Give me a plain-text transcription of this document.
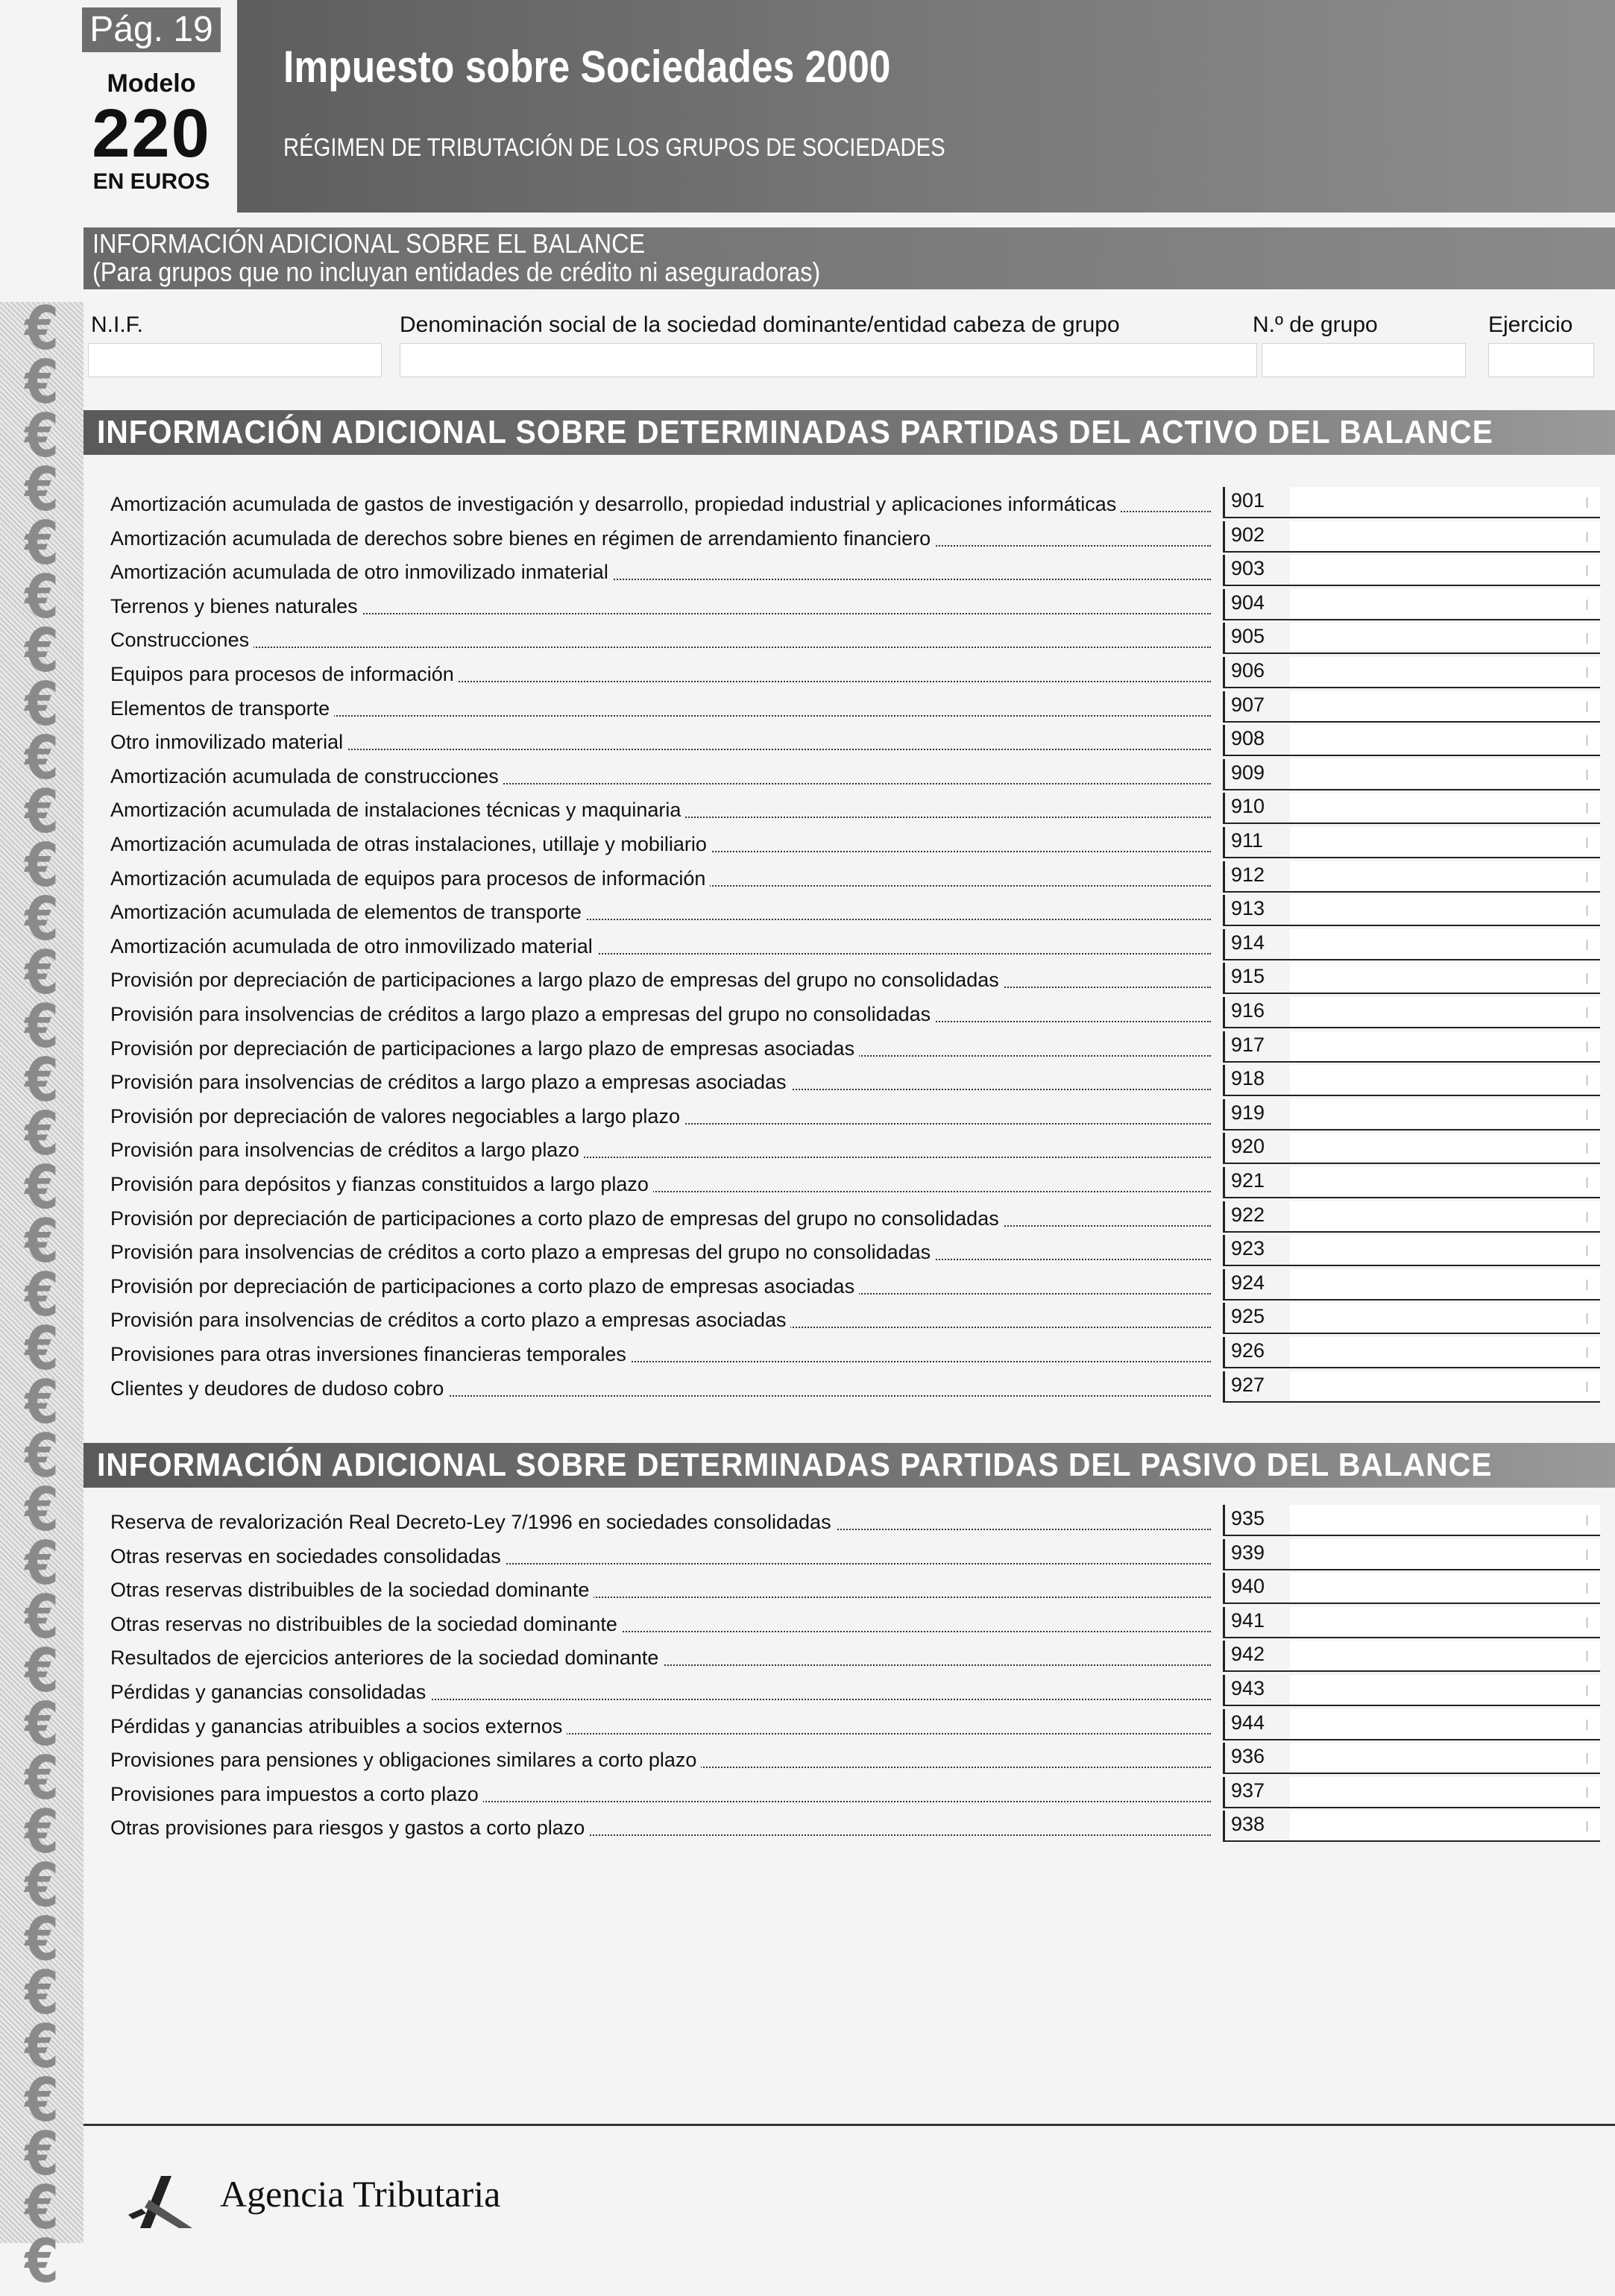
€
€
€
€
€
€
€
€
€
€
€
€
€
€
€
€
€
€
€
€
€
€
€
€
€
€
€
€
€
€
€
€
€
€
€
€
€
Pág. 19
Modelo
220
EN EUROS
Impuesto sobre Sociedades 2000
RÉGIMEN DE TRIBUTACIÓN DE LOS GRUPOS DE SOCIEDADES
INFORMACIÓN ADICIONAL SOBRE EL BALANCE
(Para grupos que no incluyan entidades de crédito ni aseguradoras)
N.I.F.	Denominación social de la sociedad dominante/entidad cabeza de grupo	N.º de grupo	Ejercicio
INFORMACIÓN ADICIONAL SOBRE DETERMINADAS PARTIDAS DEL ACTIVO DEL BALANCE
Amortización acumulada de gastos de investigación y desarrollo, propiedad industrial y aplicaciones informáticas	901
Amortización acumulada de derechos sobre bienes en régimen de arrendamiento financiero	902
Amortización acumulada de otro inmovilizado inmaterial	903
Terrenos y bienes naturales	904
Construcciones	905
Equipos para procesos de información	906
Elementos de transporte	907
Otro inmovilizado material	908
Amortización acumulada de construcciones	909
Amortización acumulada de instalaciones técnicas y maquinaria	910
Amortización acumulada de otras instalaciones, utillaje y mobiliario	911
Amortización acumulada de equipos para procesos de información	912
Amortización acumulada de elementos de transporte	913
Amortización acumulada de otro inmovilizado material	914
Provisión por depreciación de participaciones a largo plazo de empresas del grupo no consolidadas	915
Provisión para insolvencias de créditos a largo plazo a empresas del grupo no consolidadas	916
Provisión por depreciación de participaciones a largo plazo de empresas asociadas	917
Provisión para insolvencias de créditos a largo plazo a empresas asociadas	918
Provisión por depreciación de valores negociables a largo plazo	919
Provisión para insolvencias de créditos a largo plazo	920
Provisión para depósitos y fianzas constituidos a largo plazo	921
Provisión por depreciación de participaciones a corto plazo de empresas del grupo no consolidadas	922
Provisión para insolvencias de créditos a corto plazo a empresas del grupo no consolidadas	923
Provisión por depreciación de participaciones a corto plazo de empresas asociadas	924
Provisión para insolvencias de créditos a corto plazo a empresas asociadas	925
Provisiones para otras inversiones financieras temporales	926
Clientes y deudores de dudoso cobro	927
INFORMACIÓN ADICIONAL SOBRE DETERMINADAS PARTIDAS DEL PASIVO DEL BALANCE
Reserva de revalorización Real Decreto-Ley 7/1996 en sociedades consolidadas	935
Otras reservas en sociedades consolidadas	939
Otras reservas distribuibles de la sociedad dominante	940
Otras reservas no distribuibles de la sociedad dominante	941
Resultados de ejercicios anteriores de la sociedad dominante	942
Pérdidas y ganancias consolidadas	943
Pérdidas y ganancias atribuibles a socios externos	944
Provisiones para pensiones y obligaciones similares a corto plazo	936
Provisiones para impuestos a corto plazo	937
Otras provisiones para riesgos y gastos a corto plazo	938
Agencia Tributaria
